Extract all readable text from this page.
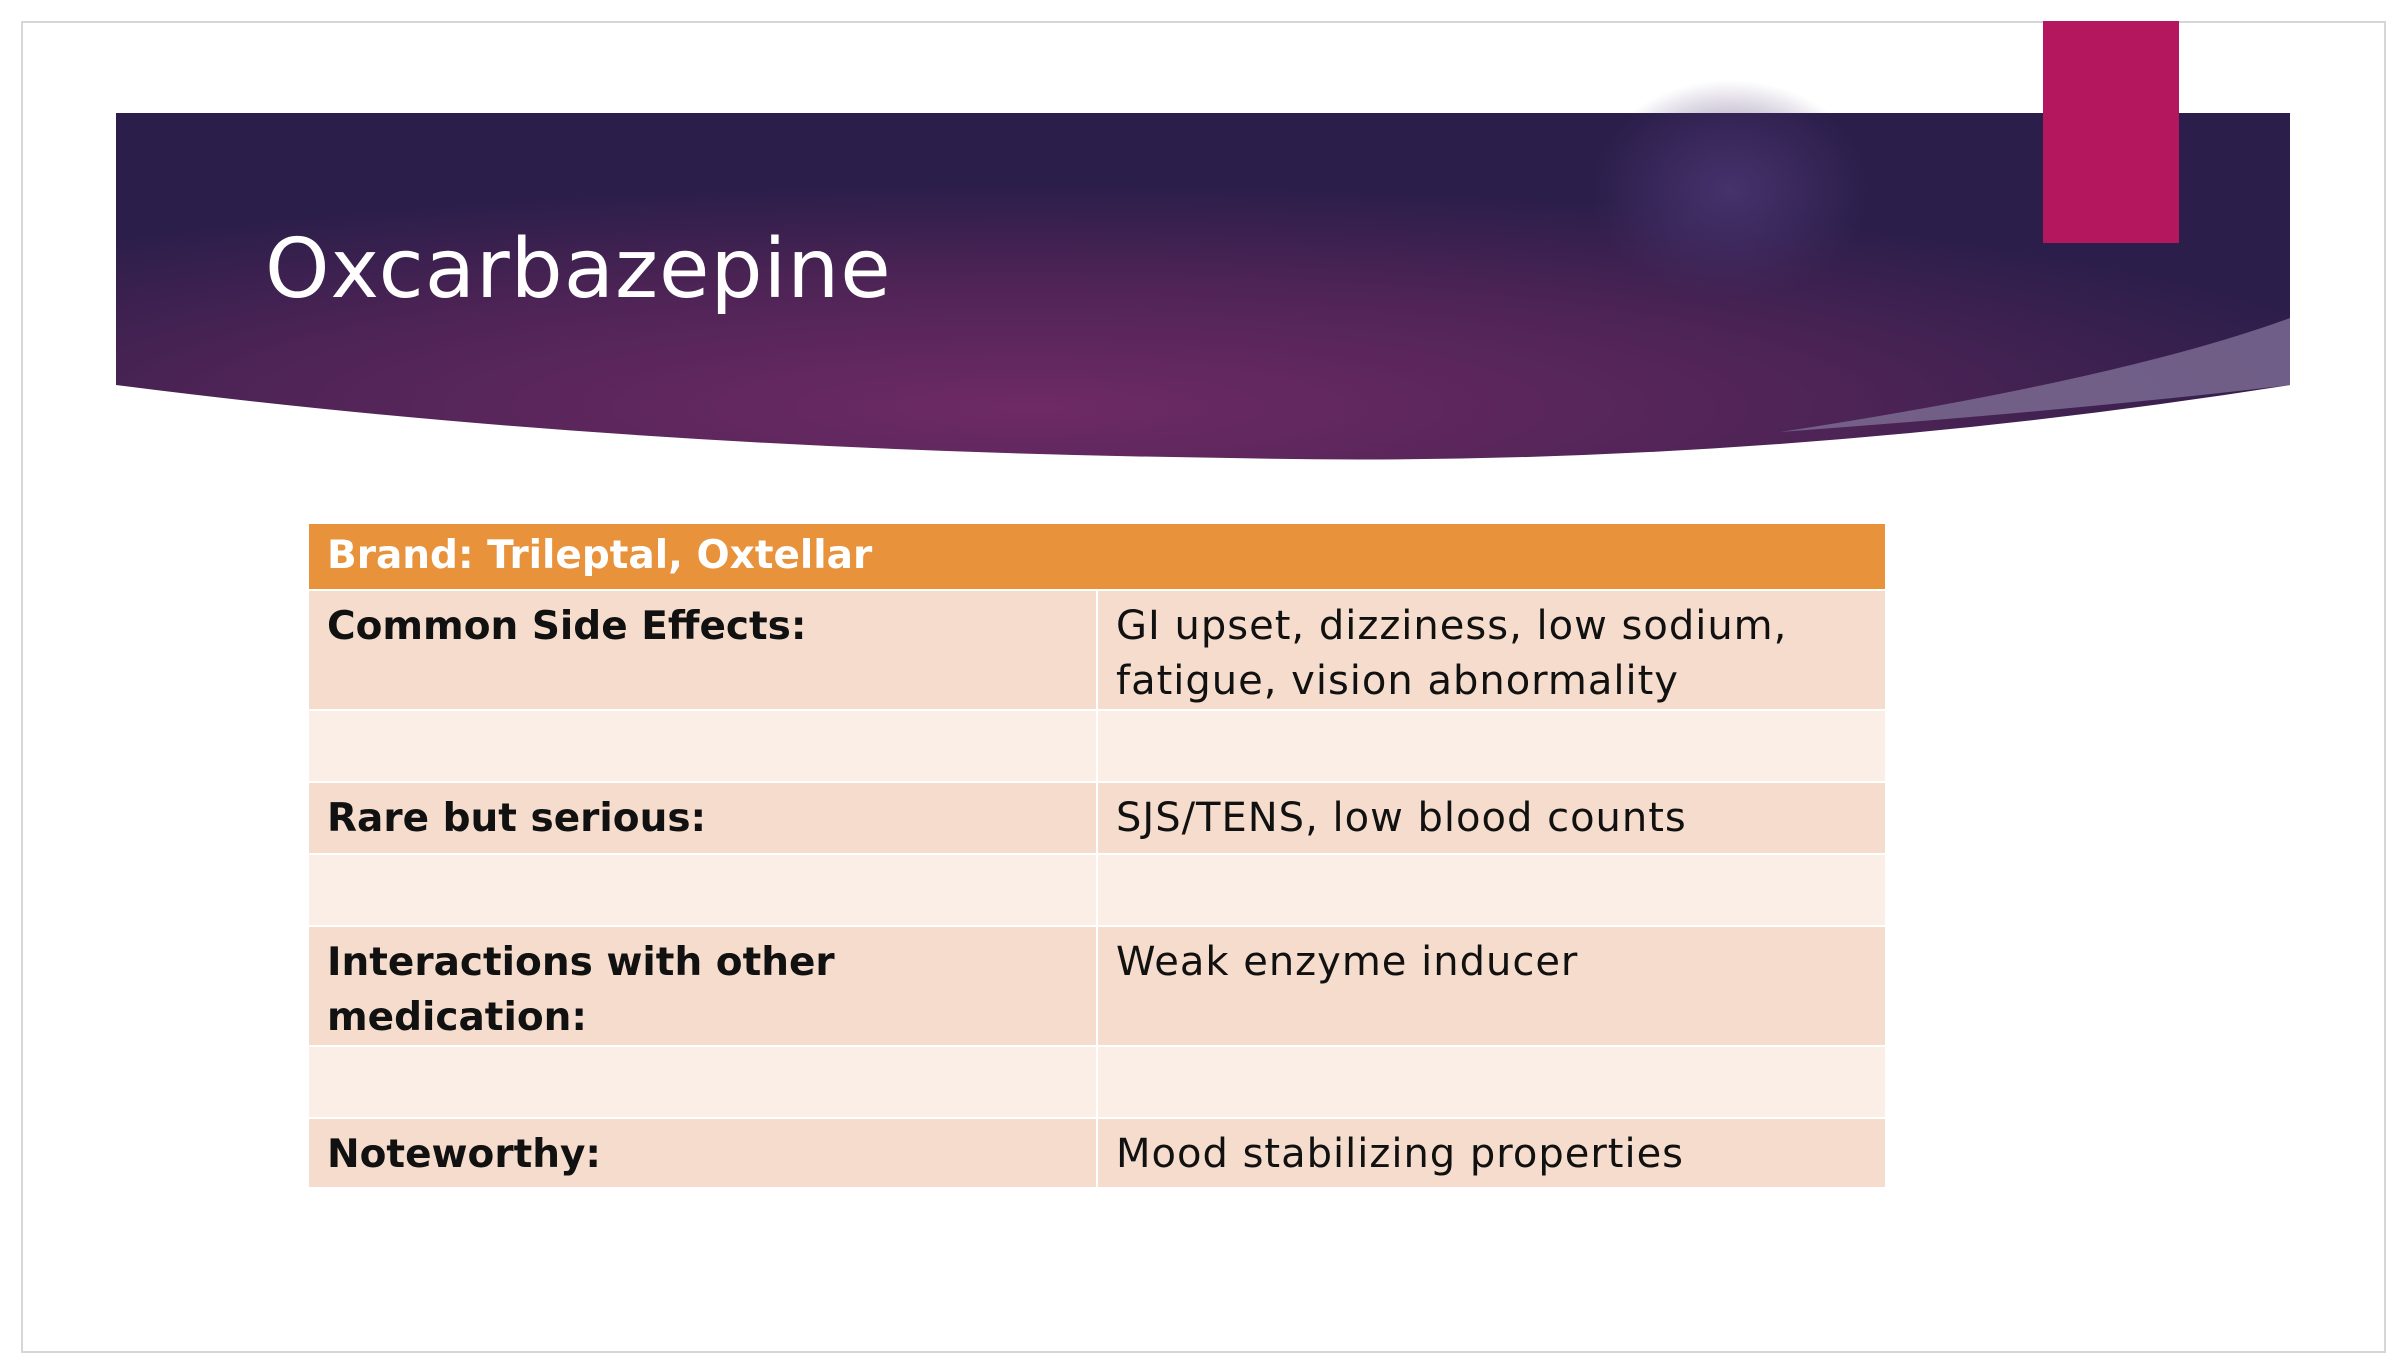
Oxcarbazepine
Brand: Trileptal, Oxtellar	
Common Side Effects:	GI upset, dizziness, low sodium, fatigue, vision abnormality

Rare but serious:	SJS/TENS, low blood counts

Interactions with other medication:	Weak enzyme inducer

Noteworthy:	Mood stabilizing properties
